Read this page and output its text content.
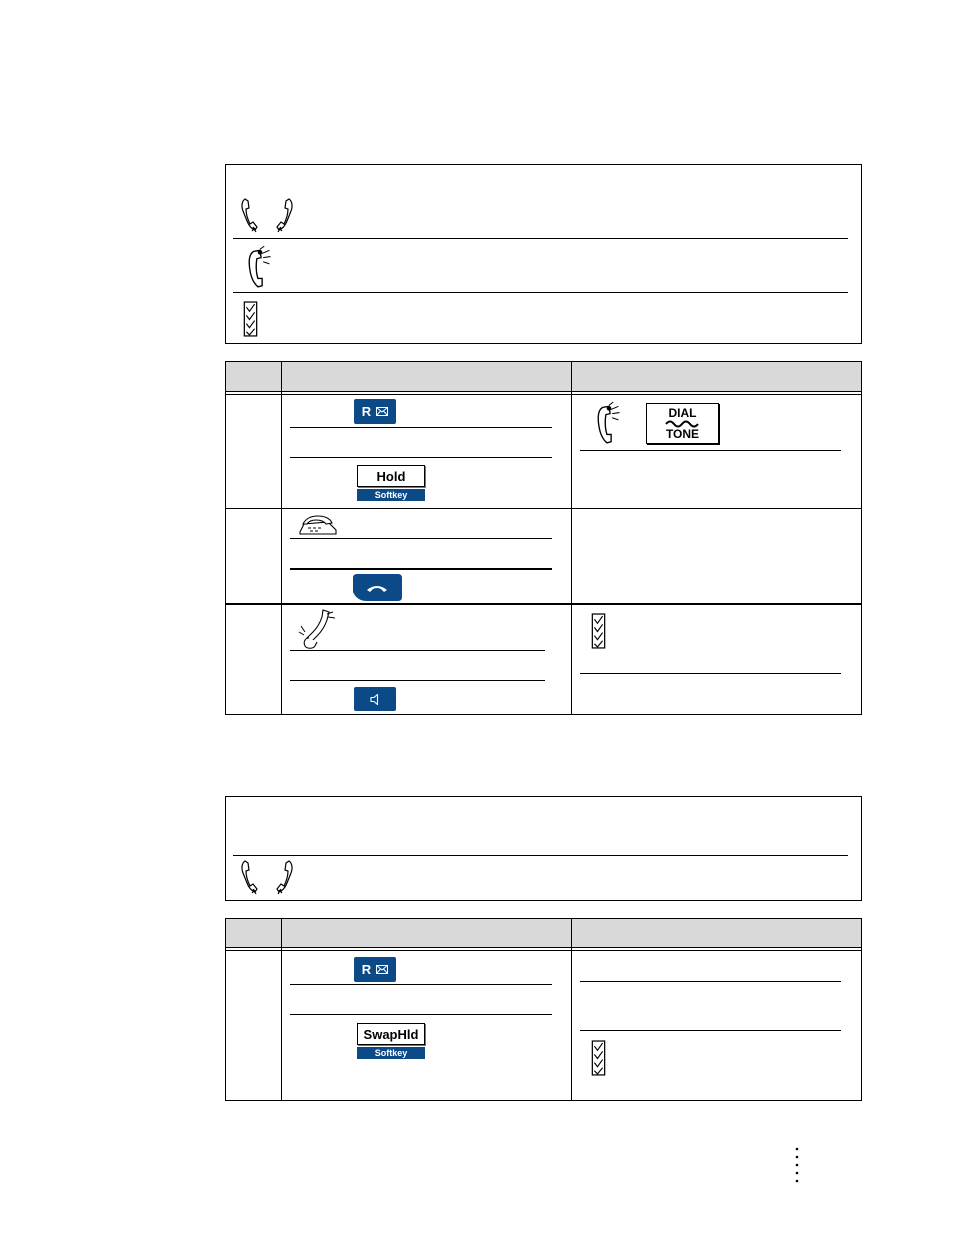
R
Hold
Softkey
DIAL
TONE
R
SwapHld
Softkey
